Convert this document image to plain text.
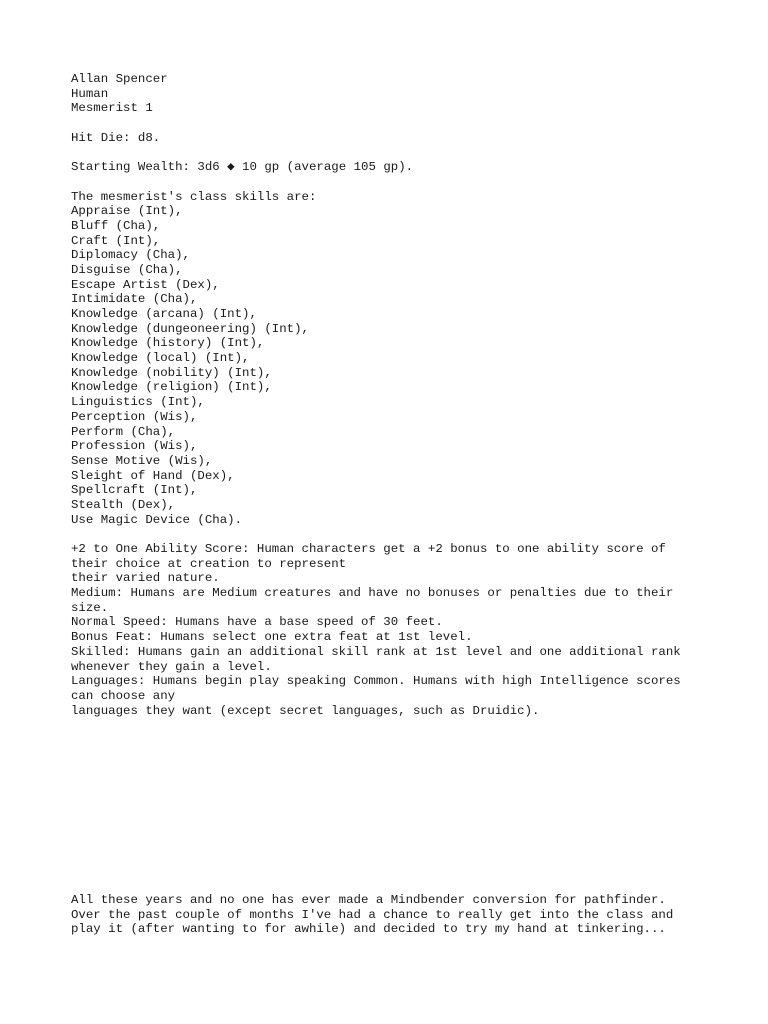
Allan Spencer
Human
Mesmerist 1
Hit Die: d8.
Starting Wealth: 3d6 ◆ 10 gp (average 105 gp).
The mesmerist's class skills are:
Appraise (Int),
Bluff (Cha),
Craft (Int),
Diplomacy (Cha),
Disguise (Cha),
Escape Artist (Dex),
Intimidate (Cha),
Knowledge (arcana) (Int),
Knowledge (dungeoneering) (Int),
Knowledge (history) (Int),
Knowledge (local) (Int),
Knowledge (nobility) (Int),
Knowledge (religion) (Int),
Linguistics (Int),
Perception (Wis),
Perform (Cha),
Profession (Wis),
Sense Motive (Wis),
Sleight of Hand (Dex),
Spellcraft (Int),
Stealth (Dex),
Use Magic Device (Cha).
+2 to One Ability Score: Human characters get a +2 bonus to one ability score of
their choice at creation to represent
their varied nature.
Medium: Humans are Medium creatures and have no bonuses or penalties due to their
size.
Normal Speed: Humans have a base speed of 30 feet.
Bonus Feat: Humans select one extra feat at 1st level.
Skilled: Humans gain an additional skill rank at 1st level and one additional rank
whenever they gain a level.
Languages: Humans begin play speaking Common. Humans with high Intelligence scores
can choose any
languages they want (except secret languages, such as Druidic).
All these years and no one has ever made a Mindbender conversion for pathfinder.
Over the past couple of months I've had a chance to really get into the class and
play it (after wanting to for awhile) and decided to try my hand at tinkering...
